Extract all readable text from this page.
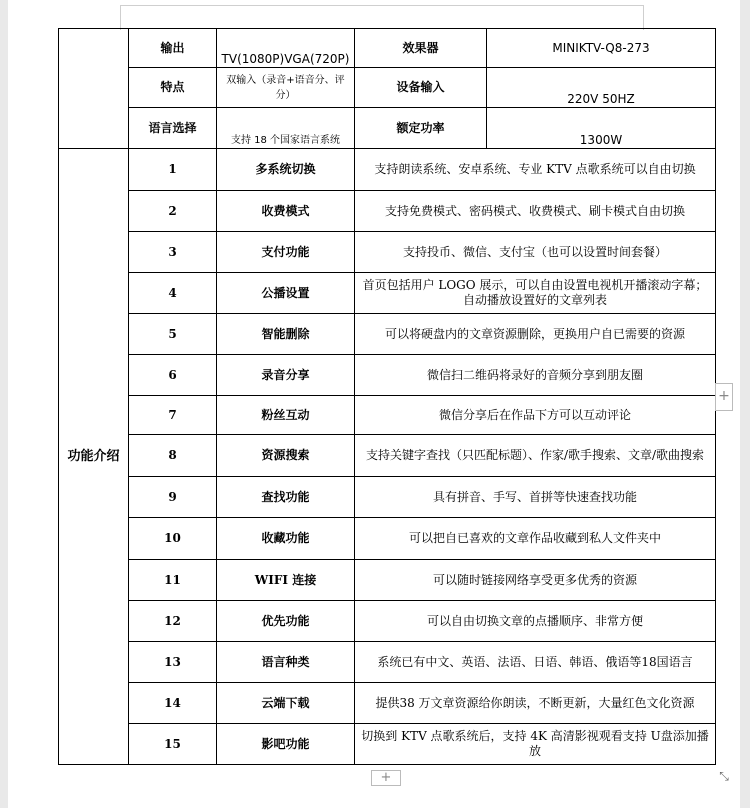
	输出	TV(1080P)VGA(720P)	效果器	MINIKTV-Q8-273
	特点	双输入（录音+语音分、评分）	设备输入	220V 50HZ
	语言选择	支持 18 个国家语言系统	额定功率	1300W
功能介绍	1	多系统切换	支持朗读系统、安卓系统、专业 KTV 点歌系统可以自由切换	
	2	收费模式	支持免费模式、密码模式、收费模式、刷卡模式自由切换	
	3	支付功能	支持投币、微信、支付宝（也可以设置时间套餐）	
	4	公播设置	首页包括用户 LOGO 展示，可以自由设置电视机开播滚动字幕；自动播放设置好的文章列表	
	5	智能删除	可以将硬盘内的文章资源删除，更换用户自已需要的资源	
	6	录音分享	微信扫二维码将录好的音频分享到朋友圈	
	7	粉丝互动	微信分享后在作品下方可以互动评论	
	8	资源搜索	支持关键字查找（只匹配标题）、作家/歌手搜索、文章/歌曲搜索	
	9	查找功能	具有拼音、手写、首拼等快速查找功能	
	10	收藏功能	可以把自已喜欢的文章作品收藏到私人文件夹中	
	11	WIFI 连接	可以随时链接网络享受更多优秀的资源	
	12	优先功能	可以自由切换文章的点播顺序、非常方便	
	13	语言种类	系统已有中文、英语、法语、日语、韩语、俄语等18国语言	
	14	云端下载	提供38 万文章资源给你朗读，不断更新，大量红色文化资源	
	15	影吧功能	切换到 KTV 点歌系统后，支持 4K 高清影视观看支持 U盘添加播放	
+
+	⤡
